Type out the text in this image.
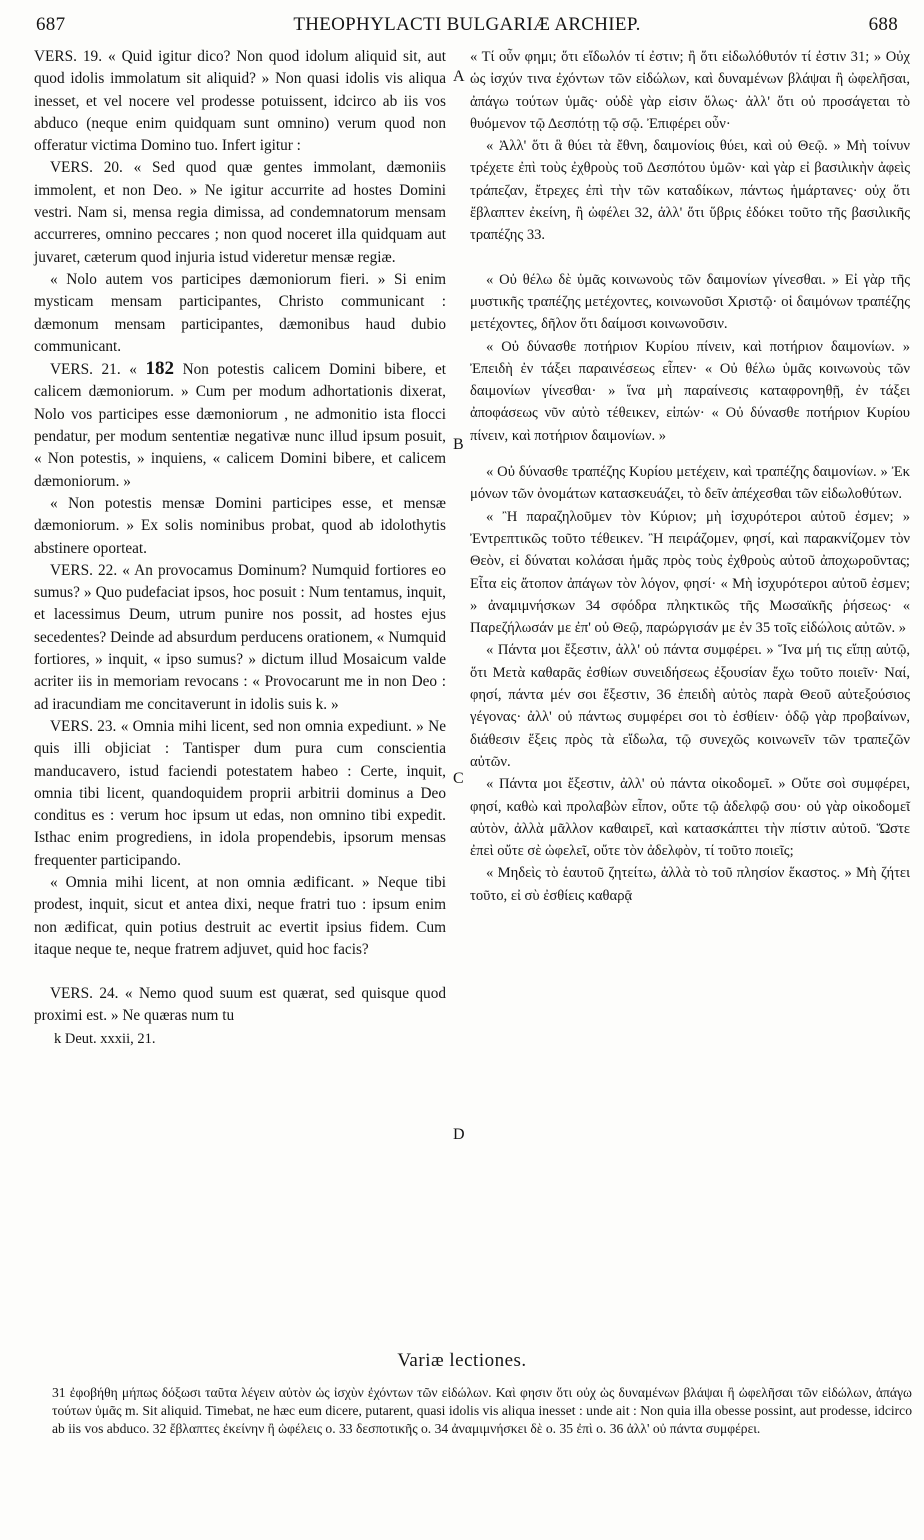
687	THEOPHYLACTI BULGARIÆ ARCHIEP.	688
A
B
C
D

VERS. 19. « Quid igitur dico? Non quod idolum aliquid sit, aut quod idolis immolatum sit aliquid? » Non quasi idolis vis aliqua inesset, et vel nocere vel prodesse potuissent, idcirco ab iis vos abduco (neque enim quidquam sunt omnino) verum quod non offeratur victima Domino tuo. Infert igitur :

VERS. 20. « Sed quod quæ gentes immolant, dæmoniis immolent, et non Deo. » Ne igitur accurrite ad hostes Domini vestri. Nam si, mensa regia dimissa, ad condemnatorum mensam accurreres, omnino peccares ; non quod noceret illa quidquam aut juvaret, cæterum quod injuria istud videretur mensæ regiæ.

« Nolo autem vos participes dæmoniorum fieri. » Si enim mysticam mensam participantes, Christo communicant : dæmonum mensam participantes, dæmonibus haud dubio communicant.

VERS. 21. « 182 Non potestis calicem Domini bibere, et calicem dæmoniorum. » Cum per modum adhortationis dixerat, Nolo vos participes esse dæmoniorum , ne admonitio ista flocci pendatur, per modum sententiæ negativæ nunc illud ipsum posuit, « Non potestis, » inquiens, « calicem Domini bibere, et calicem dæmoniorum. »

« Non potestis mensæ Domini participes esse, et mensæ dæmoniorum. » Ex solis nominibus probat, quod ab idolothytis abstinere oporteat.

VERS. 22. « An provocamus Dominum? Numquid fortiores eo sumus? » Quo pudefaciat ipsos, hoc posuit : Num tentamus, inquit, et lacessimus Deum, utrum punire nos possit, ad hostes ejus secedentes? Deinde ad absurdum perducens orationem, « Numquid fortiores, » inquit, « ipso sumus? » dictum illud Mosaicum valde acriter iis in memoriam revocans : « Provocarunt me in non Deo : ad iracundiam me concitaverunt in idolis suis k. »

VERS. 23. « Omnia mihi licent, sed non omnia expediunt. » Ne quis illi objiciat : Tantisper dum pura cum conscientia manducavero, istud faciendi potestatem habeo : Certe, inquit, omnia tibi licent, quandoquidem proprii arbitrii dominus a Deo conditus es : verum hoc ipsum ut edas, non omnino tibi expedit. Isthac enim progrediens, in idola propendebis, ipsorum mensas frequenter participando.

« Omnia mihi licent, at non omnia ædificant. » Neque tibi prodest, inquit, sicut et antea dixi, neque fratri tuo : ipsum enim non ædificat, quin potius destruit ac evertit ipsius fidem. Cum itaque neque te, neque fratrem adjuvet, quid hoc facis?

VERS. 24. « Nemo quod suum est quærat, sed quisque quod proximi est. » Ne quæras num tu

k Deut. xxxii, 21.

« Τί οὖν φημι; ὅτι εἴδωλόν τί ἐστιν; ἢ ὅτι εἰδωλόθυτόν τί ἐστιν 31; » Οὐχ ὡς ἰσχύν τινα ἐχόντων τῶν εἰδώλων, καὶ δυναμένων βλάψαι ἢ ὠφελῆσαι, ἀπάγω τούτων ὑμᾶς· οὐδὲ γὰρ εἰσιν ὅλως· ἀλλ' ὅτι οὐ προσάγεται τὸ θυόμενον τῷ Δεσπότῃ τῷ σῷ. Ἐπιφέρει οὖν·

« Ἀλλ' ὅτι ἃ θύει τὰ ἔθνη, δαιμονίοις θύει, καὶ οὐ Θεῷ. » Μὴ τοίνυν τρέχετε ἐπὶ τοὺς ἐχθροὺς τοῦ Δεσπότου ὑμῶν· καὶ γὰρ εἰ βασιλικὴν ἀφεὶς τράπεζαν, ἔτρεχες ἐπὶ τὴν τῶν καταδίκων, πάντως ἡμάρτανες· οὐχ ὅτι ἔβλαπτεν ἐκείνη, ἢ ὠφέλει 32, ἀλλ' ὅτι ὕβρις ἐδόκει τοῦτο τῆς βασιλικῆς τραπέζης 33.

« Οὐ θέλω δὲ ὑμᾶς κοινωνοὺς τῶν δαιμονίων γίνεσθαι. » Εἰ γὰρ τῆς μυστικῆς τραπέζης μετέχοντες, κοινωνοῦσι Χριστῷ· οἱ δαιμόνων τραπέζης μετέχοντες, δῆλον ὅτι δαίμοσι κοινωνοῦσιν.

« Οὐ δύνασθε ποτήριον Κυρίου πίνειν, καὶ ποτήριον δαιμονίων. » Ἐπειδὴ ἐν τάξει παραινέσεως εἶπεν· « Οὐ θέλω ὑμᾶς κοινωνοὺς τῶν δαιμονίων γίνεσθαι· » ἵνα μὴ παραίνεσις καταφρονηθῇ, ἐν τάξει ἀποφάσεως νῦν αὐτὸ τέθεικεν, εἰπών· « Οὐ δύνασθε ποτήριον Κυρίου πίνειν, καὶ ποτήριον δαιμονίων. »

« Οὐ δύνασθε τραπέζης Κυρίου μετέχειν, καὶ τραπέζης δαιμονίων. » Ἐκ μόνων τῶν ὀνομάτων κατασκευάζει, τὸ δεῖν ἀπέχεσθαι τῶν εἰδωλοθύτων.

« Ἢ παραζηλοῦμεν τὸν Κύριον; μὴ ἰσχυρότεροι αὐτοῦ ἐσμεν; » Ἐντρεπτικῶς τοῦτο τέθεικεν. Ἢ πειράζομεν, φησί, καὶ παρακνίζομεν τὸν Θεὸν, εἰ δύναται κολάσαι ἡμᾶς πρὸς τοὺς ἐχθροὺς αὐτοῦ ἀποχωροῦντας; Εἶτα εἰς ἄτοπον ἀπάγων τὸν λόγον, φησί· « Μὴ ἰσχυρότεροι αὐτοῦ ἐσμεν; » ἀναμιμνήσκων 34 σφόδρα πληκτικῶς τῆς Μωσαϊκῆς ῥήσεως· « Παρεζήλωσάν με ἐπ' οὐ Θεῷ, παρώργισάν με ἐν 35 τοῖς εἰδώλοις αὐτῶν. »

« Πάντα μοι ἔξεστιν, ἀλλ' οὐ πάντα συμφέρει. » Ἵνα μή τις εἴπῃ αὐτῷ, ὅτι Μετὰ καθαρᾶς ἐσθίων συνειδήσεως ἐξουσίαν ἔχω τοῦτο ποιεῖν· Ναί, φησί, πάντα μέν σοι ἔξεστιν, 36 ἐπειδὴ αὐτὸς παρὰ Θεοῦ αὐτεξούσιος γέγονας· ἀλλ' οὐ πάντως συμφέρει σοι τὸ ἐσθίειν· ὁδῷ γὰρ προβαίνων, διάθεσιν ἕξεις πρὸς τὰ εἴδωλα, τῷ συνεχῶς κοινωνεῖν τῶν τραπεζῶν αὐτῶν.

« Πάντα μοι ἔξεστιν, ἀλλ' οὐ πάντα οἰκοδομεῖ. » Οὔτε σοὶ συμφέρει, φησί, καθὼ καὶ προλαβὼν εἶπον, οὔτε τῷ ἀδελφῷ σου· οὐ γὰρ οἰκοδομεῖ αὐτὸν, ἀλλὰ μᾶλλον καθαιρεῖ, καὶ κατασκάπτει τὴν πίστιν αὐτοῦ. Ὥστε ἐπεὶ οὔτε σὲ ὠφελεῖ, οὔτε τὸν ἀδελφὸν, τί τοῦτο ποιεῖς;

« Μηδεὶς τὸ ἑαυτοῦ ζητείτω, ἀλλὰ τὸ τοῦ πλησίον ἕκαστος. » Μὴ ζήτει τοῦτο, εἰ σὺ ἐσθίεις καθαρᾷ

Variæ lectiones.
31 ἐφοβήθη μήπως δόξωσι ταῦτα λέγειν αὐτὸν ὡς ἰσχὺν ἐχόντων τῶν εἰδώλων. Καὶ φησιν ὅτι οὐχ ὡς δυναμένων βλάψαι ἢ ὠφελῆσαι τῶν εἰδώλων, ἀπάγω τούτων ὑμᾶς m. Sit aliquid. Timebat, ne hæc eum dicere, putarent, quasi idolis vis aliqua inesset : unde ait : Non quia illa obesse possint, aut prodesse, idcirco ab iis vos abduco. 32 ἔβλαπτες ἐκείνην ἢ ὠφέλεις o. 33 δεσποτικῆς o. 34 ἀναμιμνήσκει δὲ o. 35 ἐπὶ o. 36 ἀλλ' οὐ πάντα συμφέρει.
